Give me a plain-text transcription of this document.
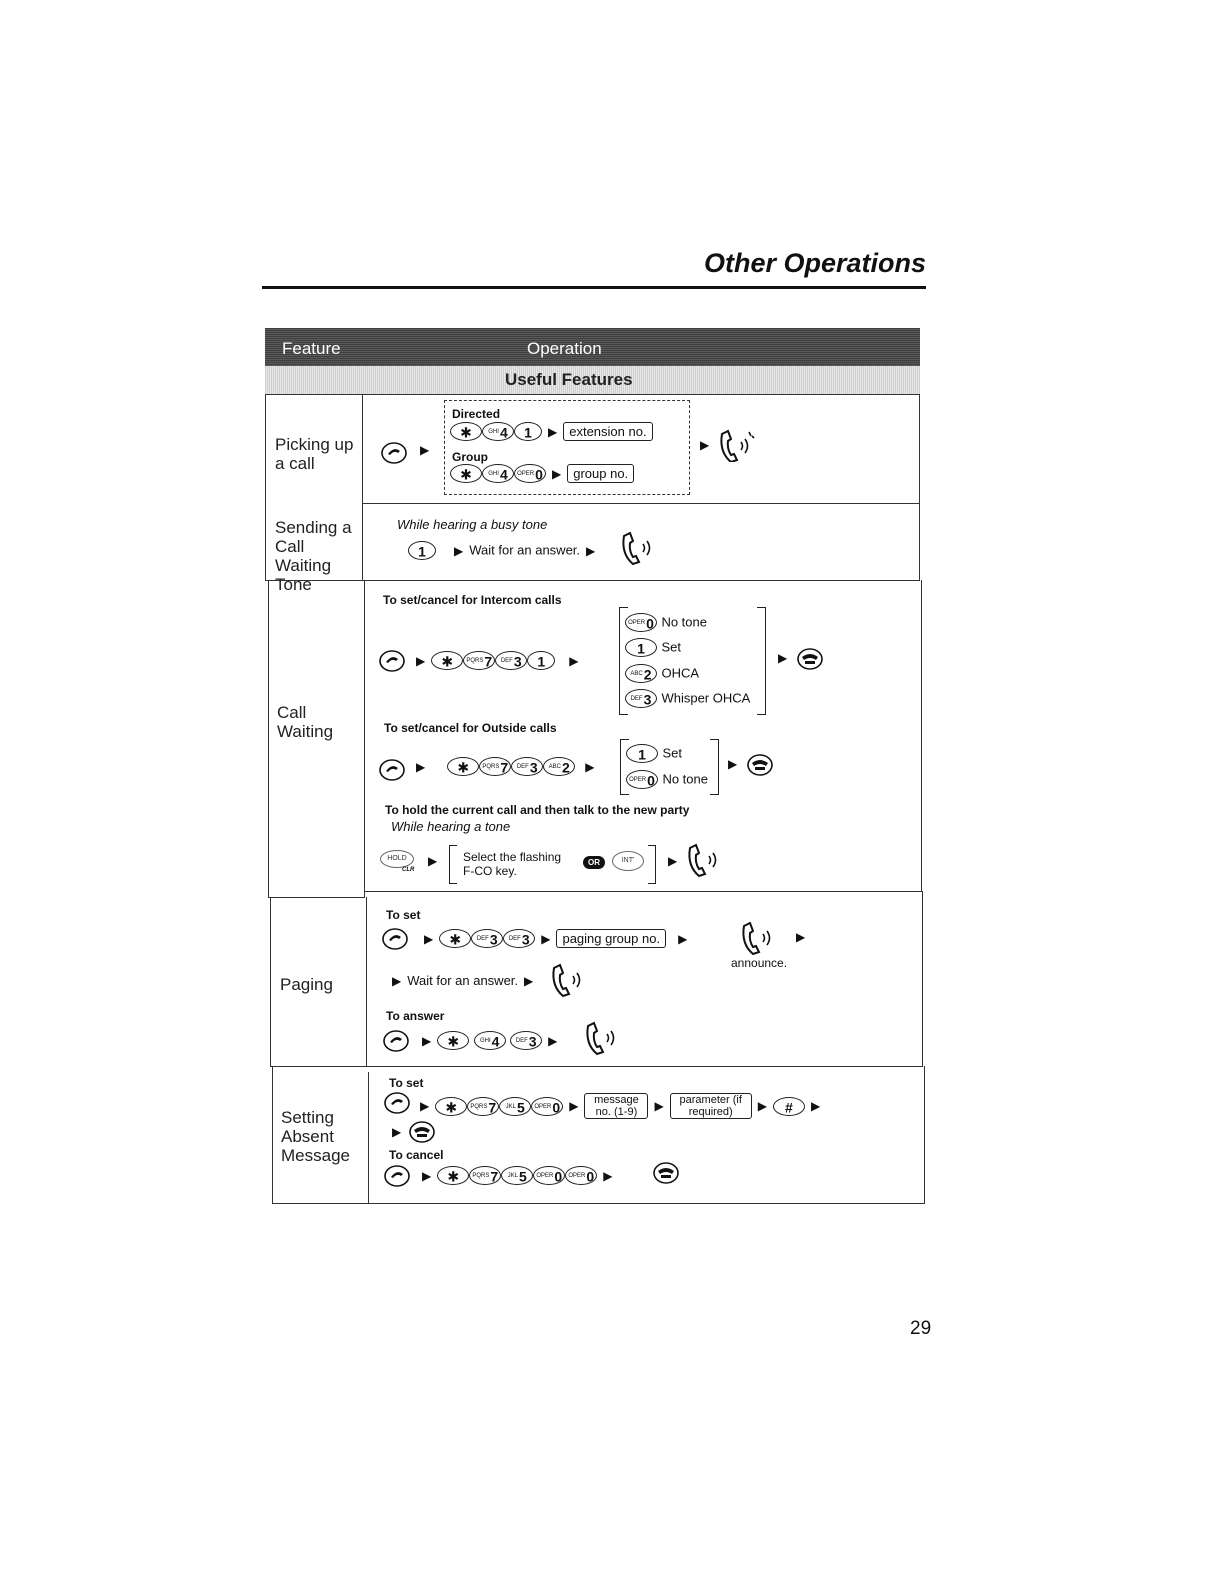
Other Operations
Feature	Operation
Useful Features
Picking up a call
▶
Directed
✱	GHI4 1 ▶ extension no.
Group
✱	GHI4 OPER0 ▶ group no.
▶
Sending a Call Waiting Tone
While hearing a busy tone
1 ▶ Wait for an answer. ▶
Call Waiting
To set/cancel for Intercom calls
▶ ✱ PQRS7 DEF3 1 ▶
OPER0 No tone
1 Set
ABC2 OHCA
DEF3 Whisper OHCA
▶
To set/cancel for Outside calls
▶ ✱ PQRS7 DEF3 ABC2 ▶
1 Set
OPER0 No tone
▶
To hold the current call and then talk to the new party
While hearing a tone
HOLD
CLR
▶ Select the flashing F-CO key.
OR	INT'	▶
Paging
To set
▶ ✱	DEF3 DEF3 ▶ paging group no. ▶	▶
announce.
▶ Wait for an answer. ▶
To answer
▶ ✱	GHI4	DEF3 ▶
Setting Absent Message
To set
▶ ✱ PQRS7 JKL5 OPER0 ▶ message no. (1-9) ▶ parameter (if required) ▶ # ▶
▶
To cancel
▶ ✱ PQRS7 JKL5 OPER0 OPER0 ▶
29
